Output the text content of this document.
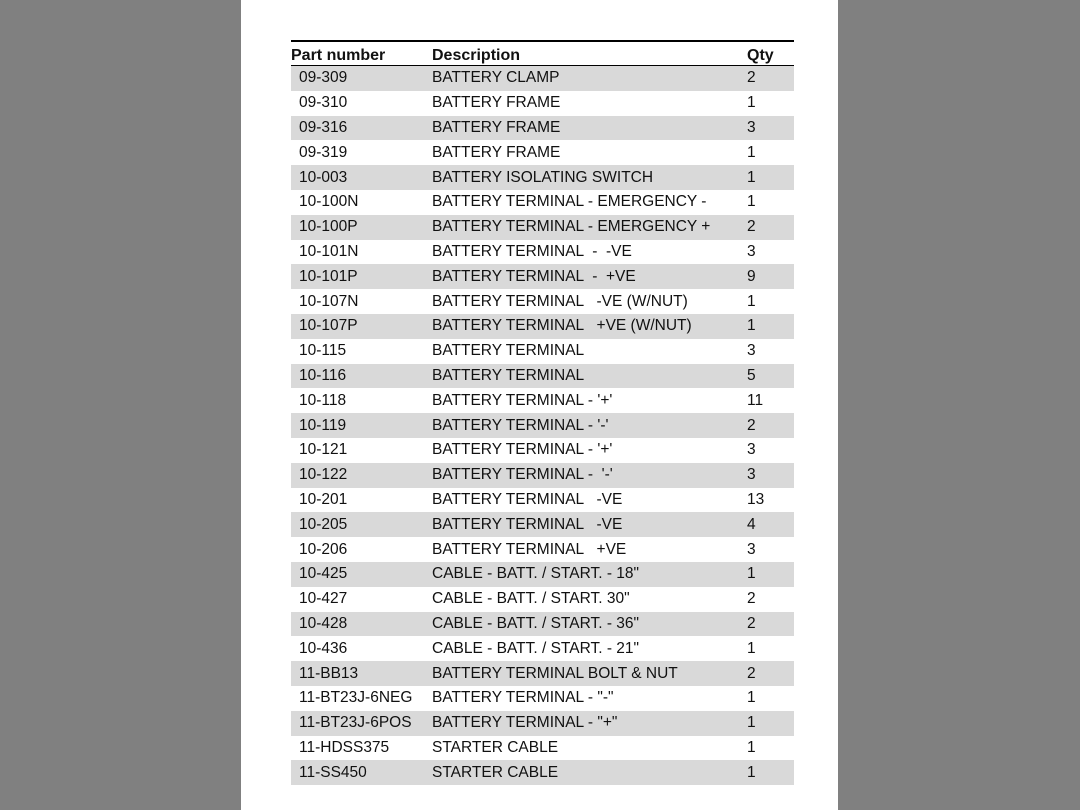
Part number	Description	Qty
09-309	BATTERY CLAMP	2
09-310	BATTERY FRAME	1
09-316	BATTERY FRAME	3
09-319	BATTERY FRAME	1
10-003	BATTERY ISOLATING SWITCH	1
10-100N	BATTERY TERMINAL - EMERGENCY -	1
10-100P	BATTERY TERMINAL - EMERGENCY +	2
10-101N	BATTERY TERMINAL  -  -VE	3
10-101P	BATTERY TERMINAL  -  +VE	9
10-107N	BATTERY TERMINAL   -VE (W/NUT)	1
10-107P	BATTERY TERMINAL   +VE (W/NUT)	1
10-115	BATTERY TERMINAL	3
10-116	BATTERY TERMINAL	5
10-118	BATTERY TERMINAL - '+'	11
10-119	BATTERY TERMINAL - '-'	2
10-121	BATTERY TERMINAL - '+'	3
10-122	BATTERY TERMINAL -  '-'	3
10-201	BATTERY TERMINAL   -VE	13
10-205	BATTERY TERMINAL   -VE	4
10-206	BATTERY TERMINAL   +VE	3
10-425	CABLE - BATT. / START. - 18"	1
10-427	CABLE - BATT. / START. 30"	2
10-428	CABLE - BATT. / START. - 36"	2
10-436	CABLE - BATT. / START. - 21"	1
11-BB13	BATTERY TERMINAL BOLT & NUT	2
11-BT23J-6NEG	BATTERY TERMINAL - "-"	1
11-BT23J-6POS	BATTERY TERMINAL - "+"	1
11-HDSS375	STARTER CABLE	1
11-SS450	STARTER CABLE	1
